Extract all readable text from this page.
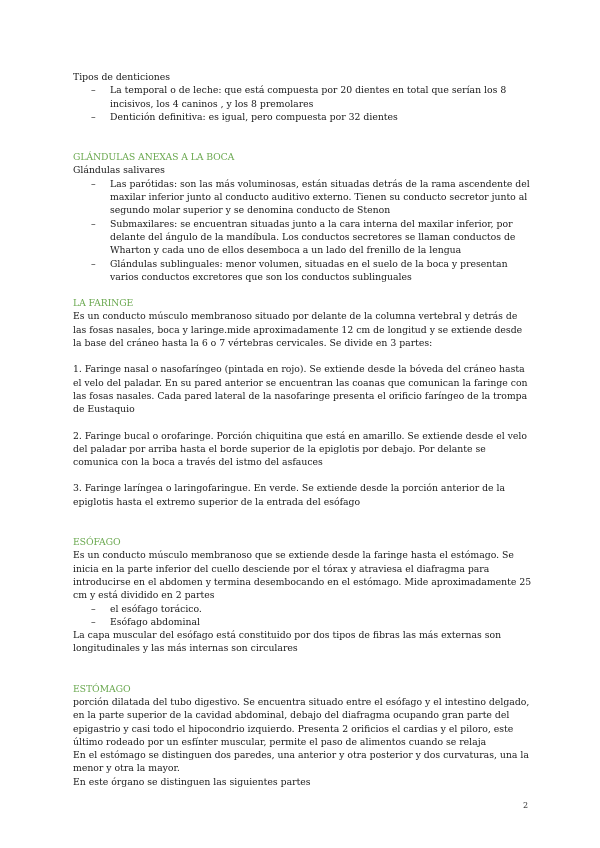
Tipos de denticiones

– La temporal o de leche: que está compuesta por 20 dientes en total que serían los 8 incisivos, los 4 caninos , y los 8 premolares
– Dentición definitiva: es igual, pero compuesta por 32 dientes

GLÁNDULAS ANEXAS A LA BOCA

Glándulas salivares

– Las parótidas: son las más voluminosas, están situadas detrás de la rama ascendente del maxilar inferior junto al conducto auditivo externo. Tienen su conducto secretor junto al segundo molar superior y se denomina conducto de Stenon
– Submaxilares: se encuentran situadas junto a la cara interna del maxilar inferior, por delante del ángulo de la mandíbula. Los conductos secretores se llaman conductos de Wharton y cada uno de ellos desemboca a un lado del frenillo de la lengua
– Glándulas sublinguales: menor volumen, situadas en el suelo de la boca y presentan varios conductos excretores que son los conductos sublinguales

LA FARINGE

Es un conducto músculo membranoso situado por delante de la columna vertebral y detrás de las fosas nasales, boca y laringe.mide aproximadamente 12 cm de longitud y se extiende desde la base del cráneo hasta la 6 o 7 vértebras cervicales. Se divide en 3 partes:

1. Faringe nasal o nasofaríngeo (pintada en rojo). Se extiende desde la bóveda del cráneo hasta el velo del paladar. En su pared anterior se encuentran las coanas que comunican la faringe con las fosas nasales. Cada pared lateral de la nasofaringe presenta el orificio faríngeo de la trompa de Eustaquio

2. Faringe bucal o orofaringe. Porción chiquitina que está en amarillo. Se extiende desde el velo del paladar por arriba hasta el borde superior de la epiglotis por debajo. Por delante se comunica con la boca a través del istmo del asfauces

3. Faringe laríngea o laringofaringue. En verde. Se extiende desde la porción anterior de la epiglotis hasta el extremo superior de la entrada del esófago

ESÓFAGO

Es un conducto músculo membranoso que se extiende desde la faringe hasta el estómago. Se inicia en la parte inferior del cuello desciende por el tórax y atraviesa el diafragma para introducirse en el abdomen y termina desembocando en el estómago. Mide aproximadamente 25 cm y está dividido en 2 partes

– el esófago torácico.
– Esófago abdominal

La capa muscular del esófago está constituido por dos tipos de fibras las más externas son longitudinales y las más internas son circulares

ESTÓMAGO

porción dilatada del tubo digestivo. Se encuentra situado entre el esófago y el intestino delgado, en la parte superior de la cavidad abdominal, debajo del diafragma ocupando gran parte del epigastrio y casi todo el hipocondrio izquierdo. Presenta 2 orificios el cardias y el piloro, este último rodeado por un esfínter muscular, permite el paso de alimentos cuando se relaja

En el estómago se distinguen dos paredes, una anterior y otra posterior y dos curvaturas, una la menor y otra la mayor.

En este órgano se distinguen las siguientes partes

2
